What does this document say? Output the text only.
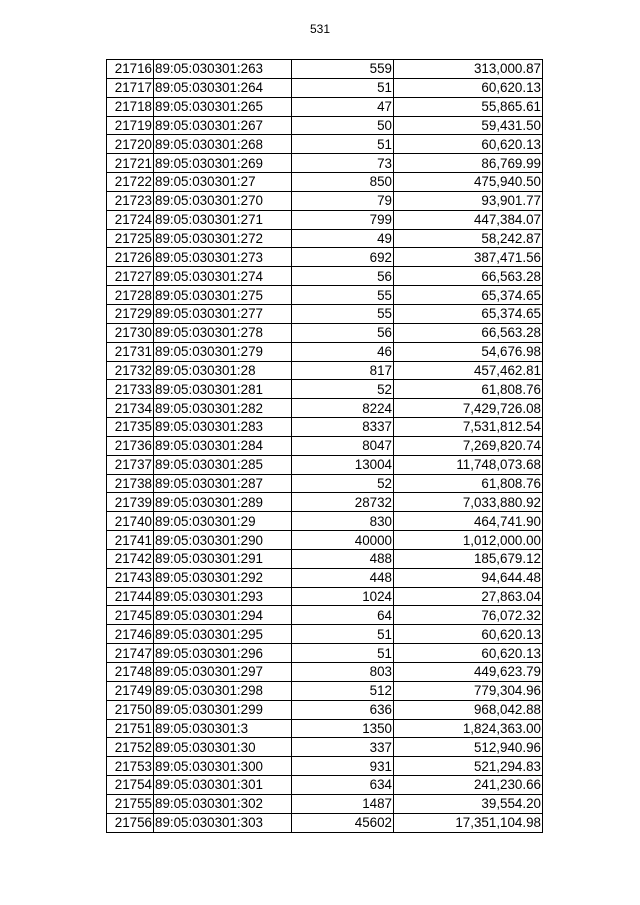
531
21716	89:05:030301:263	559	313,000.87
21717	89:05:030301:264	51	60,620.13
21718	89:05:030301:265	47	55,865.61
21719	89:05:030301:267	50	59,431.50
21720	89:05:030301:268	51	60,620.13
21721	89:05:030301:269	73	86,769.99
21722	89:05:030301:27	850	475,940.50
21723	89:05:030301:270	79	93,901.77
21724	89:05:030301:271	799	447,384.07
21725	89:05:030301:272	49	58,242.87
21726	89:05:030301:273	692	387,471.56
21727	89:05:030301:274	56	66,563.28
21728	89:05:030301:275	55	65,374.65
21729	89:05:030301:277	55	65,374.65
21730	89:05:030301:278	56	66,563.28
21731	89:05:030301:279	46	54,676.98
21732	89:05:030301:28	817	457,462.81
21733	89:05:030301:281	52	61,808.76
21734	89:05:030301:282	8224	7,429,726.08
21735	89:05:030301:283	8337	7,531,812.54
21736	89:05:030301:284	8047	7,269,820.74
21737	89:05:030301:285	13004	11,748,073.68
21738	89:05:030301:287	52	61,808.76
21739	89:05:030301:289	28732	7,033,880.92
21740	89:05:030301:29	830	464,741.90
21741	89:05:030301:290	40000	1,012,000.00
21742	89:05:030301:291	488	185,679.12
21743	89:05:030301:292	448	94,644.48
21744	89:05:030301:293	1024	27,863.04
21745	89:05:030301:294	64	76,072.32
21746	89:05:030301:295	51	60,620.13
21747	89:05:030301:296	51	60,620.13
21748	89:05:030301:297	803	449,623.79
21749	89:05:030301:298	512	779,304.96
21750	89:05:030301:299	636	968,042.88
21751	89:05:030301:3	1350	1,824,363.00
21752	89:05:030301:30	337	512,940.96
21753	89:05:030301:300	931	521,294.83
21754	89:05:030301:301	634	241,230.66
21755	89:05:030301:302	1487	39,554.20
21756	89:05:030301:303	45602	17,351,104.98
